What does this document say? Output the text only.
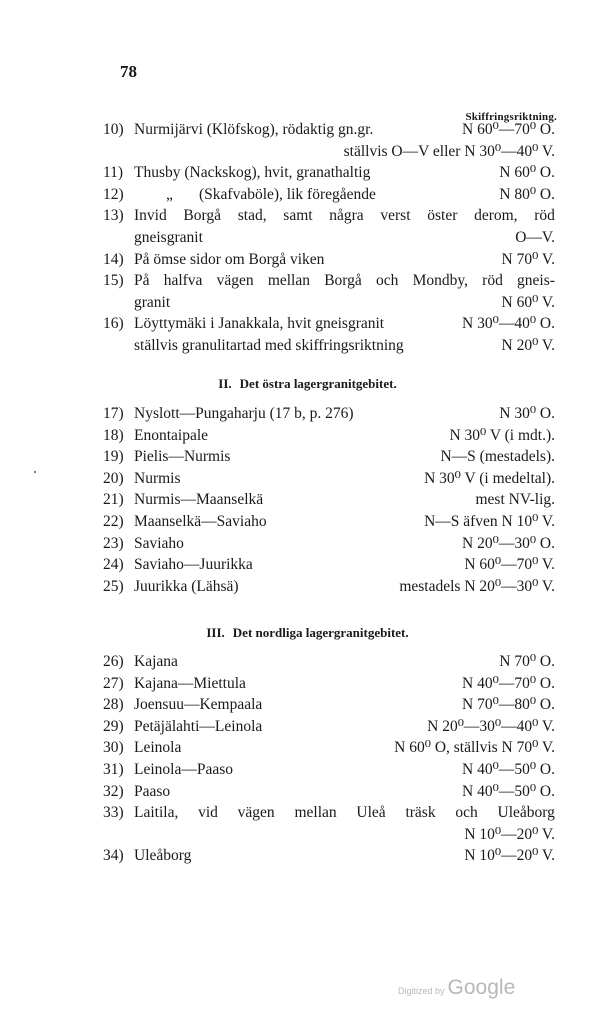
78
Skiffringsriktning.
10) Nurmijärvi (Klöfskog), rödaktig gn.gr.	N 60⁰—70⁰ O.
ställvis O—V eller N 30⁰—40⁰ V.
11) Thusby (Nackskog), hvit, granathaltig	N 60⁰ O.
12)	„ (Skafvaböle), lik föregående	N 80⁰ O.
13) Invid Borgå stad, samt några verst öster derom, röd
gneisgranit	O—V.
14) På ömse sidor om Borgå viken	N 70⁰ V.
15) På halfva vägen mellan Borgå och Mondby, röd gneis-
granit	N 60⁰ V.
16) Löyttymäki i Janakkala, hvit gneisgranit	N 30⁰—40⁰ O.
ställvis granulitartad med skiffringsriktning	N 20⁰ V.
II. Det östra lagergranitgebitet.
17) Nyslott—Pungaharju (17 b, p. 276)	N 30⁰ O.
18) Enontaipale	N 30⁰ V (i mdt.).
19) Pielis—Nurmis	N—S (mestadels).
20) Nurmis	N 30⁰ V (i medeltal).
21) Nurmis—Maanselkä	mest NV-lig.
22) Maanselkä—Saviaho	N—S äfven N 10⁰ V.
23) Saviaho	N 20⁰—30⁰ O.
24) Saviaho—Juurikka	N 60⁰—70⁰ V.
25) Juurikka (Lähsä)	mestadels N 20⁰—30⁰ V.
III. Det nordliga lagergranitgebitet.
26) Kajana	N 70⁰ O.
27) Kajana—Miettula	N 40⁰—70⁰ O.
28) Joensuu—Kempaala	N 70⁰—80⁰ O.
29) Petäjälahti—Leinola	N 20⁰—30⁰—40⁰ V.
30) Leinola	N 60⁰ O, ställvis N 70⁰ V.
31) Leinola—Paaso	N 40⁰—50⁰ O.
32) Paaso	N 40⁰—50⁰ O.
33) Laitila, vid vägen mellan Uleå träsk och Uleåborg
N 10⁰—20⁰ V.
34) Uleåborg	N 10⁰—20⁰ V.
Digitized by Google
